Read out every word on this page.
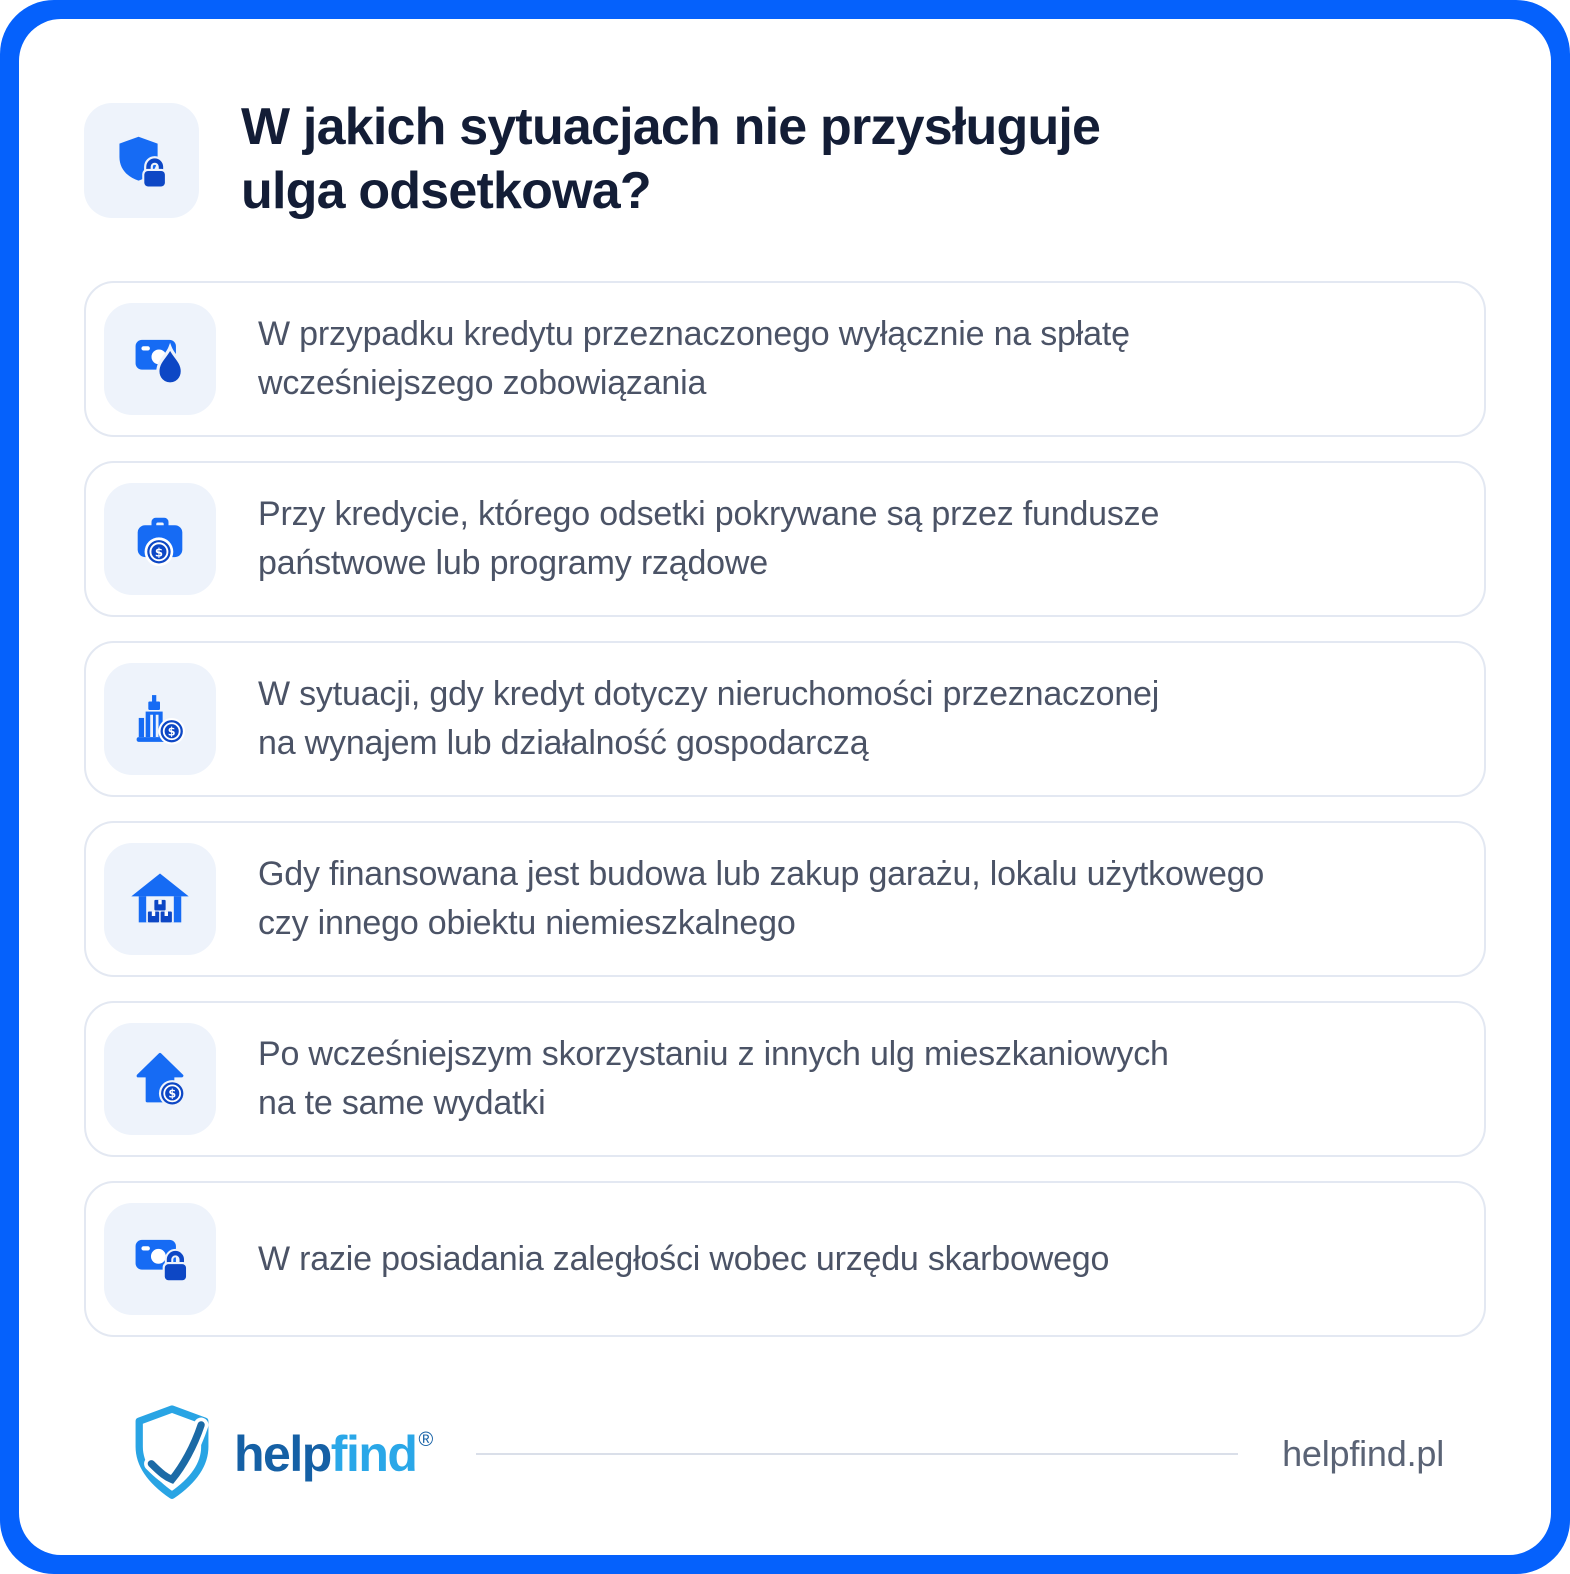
W jakich sytuacjach nie przysługuje
ulga odsetkowa?

W przypadku kredytu przeznaczonego wyłącznie na spłatę
wcześniejszego zobowiązania

$

Przy kredycie, którego odsetki pokrywane są przez fundusze
państwowe lub programy rządowe

$

W sytuacji, gdy kredyt dotyczy nieruchomości przeznaczonej
na wynajem lub działalność gospodarczą

Gdy finansowana jest budowa lub zakup garażu, lokalu użytkowego
czy innego obiektu niemieszkalnego

$

Po wcześniejszym skorzystaniu z innych ulg mieszkaniowych
na te same wydatki

W razie posiadania zaległości wobec urzędu skarbowego

help find ®	helpfind.pl
